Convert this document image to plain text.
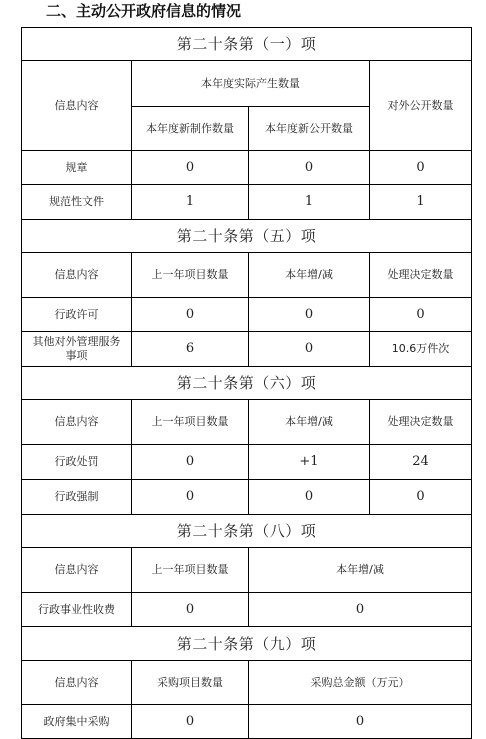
二、主动公开政府信息的情况
第二十条第（一）项			
信息内容	本年度实际产生数量		对外公开数量
	本年度新制作数量	本年度新公开数量	
规章	0	0	0
规范性文件	1	1	1
第二十条第（五）项			
信息内容	上一年项目数量	本年增/减	处理决定数量
行政许可	0	0	0
其他对外管理服务事项	6	0	10.6万件次
第二十条第（六）项			
信息内容	上一年项目数量	本年增/减	处理决定数量
行政处罚	0	+1	24
行政强制	0	0	0
第二十条第（八）项			
信息内容	上一年项目数量	本年增/减	
行政事业性收费	0	0	
第二十条第（九）项			
信息内容	采购项目数量	采购总金额（万元）	
政府集中采购	0	0	
